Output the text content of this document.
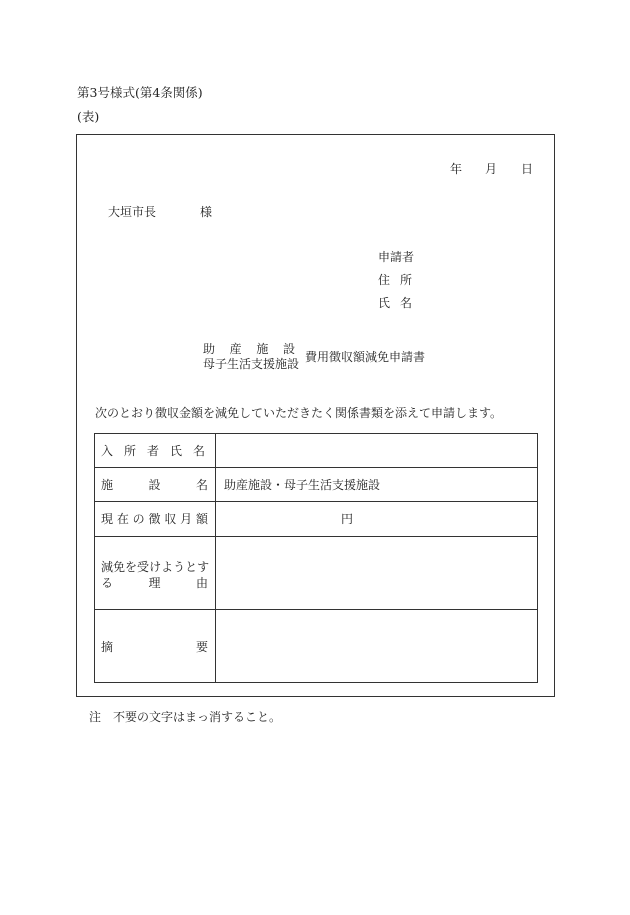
第3号様式(第4条関係)
(表)
年 月 日
大垣市長	様
申請者
住 所
氏 名
助 産 施 設
母子生活支援施設 費用徴収額減免申請書
次のとおり徴収金額を減免していただきたく関係書類を添えて申請します。
入 所 者 氏 名
施	設	名 助産施設・母子生活支援施設
現 在 の 徴 収 月 額	円
減 免 を 受 け よ う と す
る	理	由
摘	要
注　不要の文字はまっ消すること。
